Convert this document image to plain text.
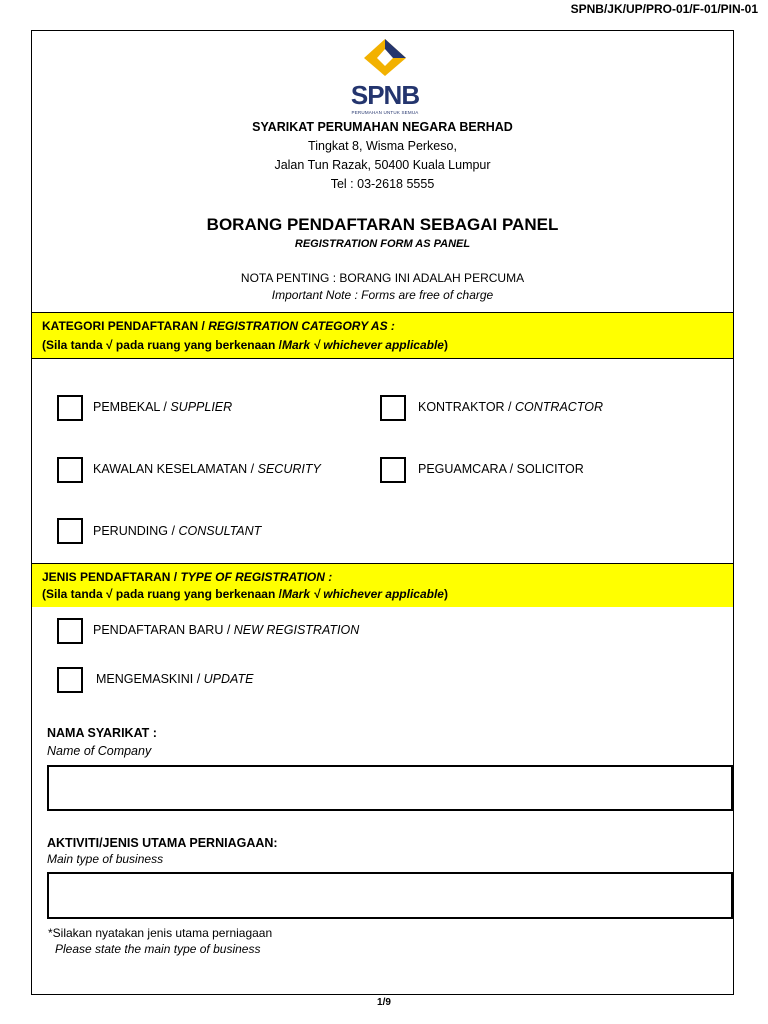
SPNB/JK/UP/PRO-01/F-01/PIN-01
SPNB
PERUMAHAN UNTUK SEMUA
SYARIKAT PERUMAHAN NEGARA BERHAD
Tingkat 8, Wisma Perkeso,
Jalan Tun Razak, 50400 Kuala Lumpur
Tel : 03-2618 5555
BORANG PENDAFTARAN SEBAGAI PANEL
REGISTRATION FORM AS PANEL
NOTA PENTING : BORANG INI ADALAH PERCUMA
Important Note : Forms are free of charge
KATEGORI PENDAFTARAN / REGISTRATION CATEGORY AS :
(Sila tanda √ pada ruang yang berkenaan /Mark √ whichever applicable)
PEMBEKAL / SUPPLIER	KONTRAKTOR / CONTRACTOR
KAWALAN KESELAMATAN / SECURITY	PEGUAMCARA / SOLICITOR
PERUNDING / CONSULTANT
JENIS PENDAFTARAN / TYPE OF REGISTRATION :
(Sila tanda √ pada ruang yang berkenaan /Mark √ whichever applicable)
PENDAFTARAN BARU / NEW REGISTRATION
MENGEMASKINI / UPDATE
NAMA SYARIKAT :
Name of Company
AKTIVITI/JENIS UTAMA PERNIAGAAN:
Main type of business
*Silakan nyatakan jenis utama perniagaan
Please state the main type of business
1/9
